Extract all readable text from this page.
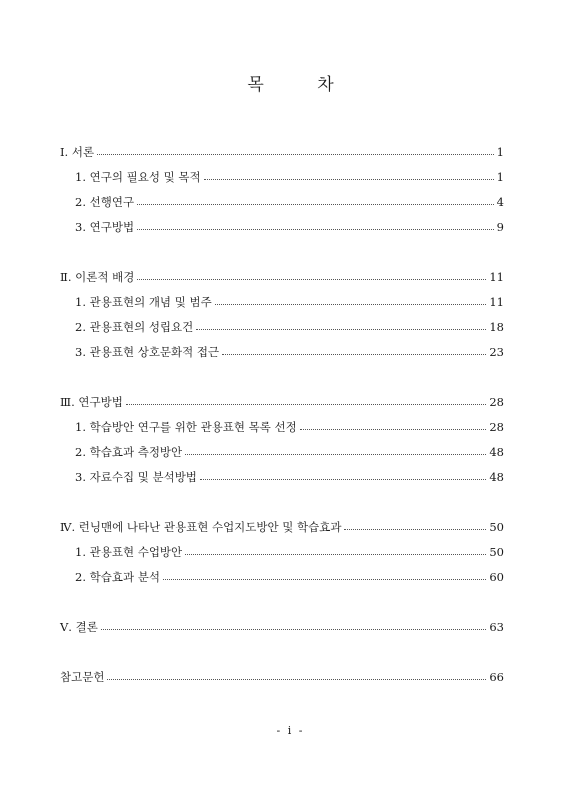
목 차
Ⅰ. 서론	1
1. 연구의 필요성 및 목적	1
2. 선행연구	4
3. 연구방법	9
Ⅱ. 이론적 배경	11
1. 관용표현의 개념 및 범주	11
2. 관용표현의 성립요건	18
3. 관용표현 상호문화적 접근	23
Ⅲ. 연구방법	28
1. 학습방안 연구를 위한 관용표현 목록 선정	28
2. 학습효과 측정방안	48
3. 자료수집 및 분석방법	48
Ⅳ. 런닝맨에 나타난 관용표현 수업지도방안 및 학습효과	50
1. 관용표현 수업방안	50
2. 학습효과 분석	60
Ⅴ. 결론	63
참고문헌	66
- i -
